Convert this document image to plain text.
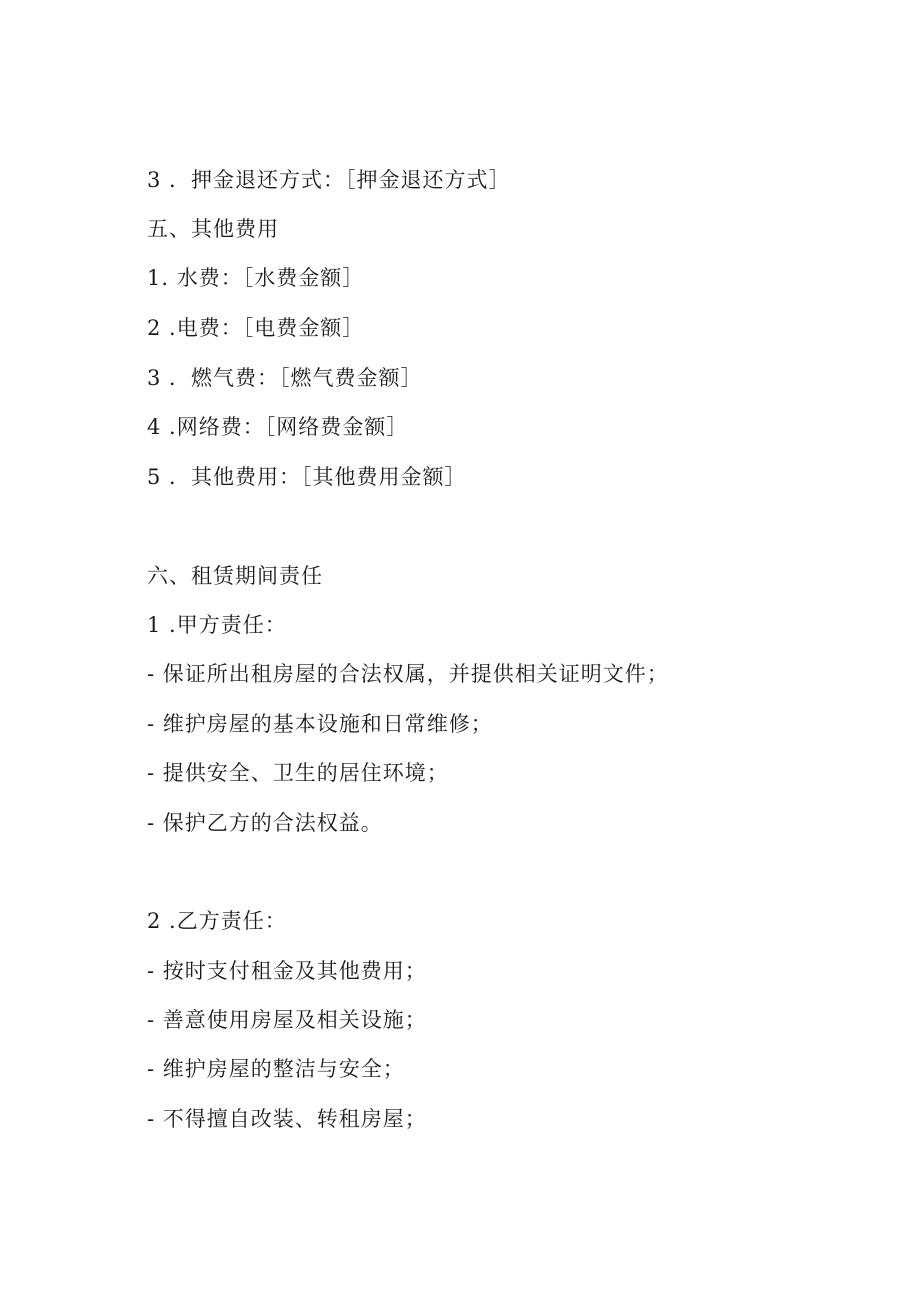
3 ．押金退还方式：［押金退还方式］
五、其他费用
1. 水费：［水费金额］
2 .电费：［电费金额］
3 ．燃气费：［燃气费金额］
4 .网络费：［网络费金额］
5 ．其他费用：［其他费用金额］
六、租赁期间责任
1 .甲方责任：
- 保证所出租房屋的合法权属，并提供相关证明文件；
- 维护房屋的基本设施和日常维修；
- 提供安全、卫生的居住环境；
- 保护乙方的合法权益。
2 .乙方责任：
- 按时支付租金及其他费用；
- 善意使用房屋及相关设施；
- 维护房屋的整洁与安全；
- 不得擅自改装、转租房屋；
